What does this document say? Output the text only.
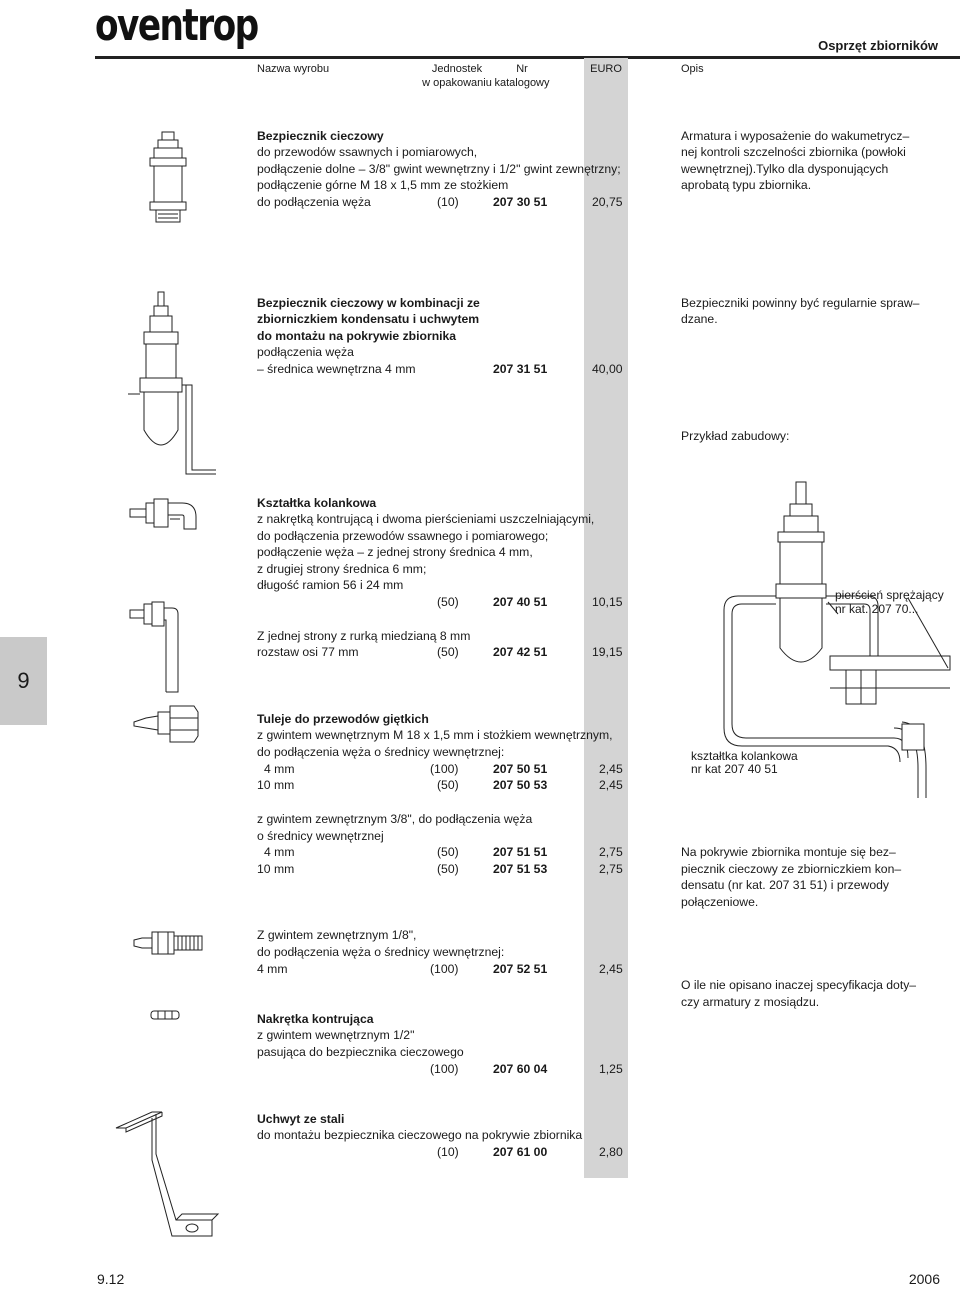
oventrop	Osprzęt zbiorników
Nazwa wyrobu	Jednostek
w opakowaniu
Nr
katalogowy
EURO	Opis
Bezpiecznik cieczowy
do przewodów ssawnych i pomiarowych,
podłączenie dolne – 3/8" gwint wewnętrzny i 1/2" gwint zewnętrzny;
podłączenie górne M 18 x 1,5 mm ze stożkiem
do podłączenia węża	(10)	207 30 51	20,75
Bezpiecznik cieczowy w kombinacji ze
zbiorniczkiem kondensatu i uchwytem
do montażu na pokrywie zbiornika
podłączenia węża
– średnica wewnętrzna 4 mm	207 31 51	40,00
Kształtka kolankowa
z nakrętką kontrującą i dwoma pierścieniami uszczelniającymi,
do podłączenia przewodów ssawnego i pomiarowego;
podłączenie węża – z jednej strony średnica 4 mm,
z drugiej strony średnica 6 mm;
długość ramion 56 i 24 mm
(50)	207 40 51	10,15
Z jednej strony z rurką miedzianą 8 mm
rozstaw osi 77 mm	(50)	207 42 51	19,15
Tuleje do przewodów giętkich
z gwintem wewnętrznym M 18 x 1,5 mm i stożkiem wewnętrznym,
do podłączenia węża o średnicy wewnętrznej:
4 mm	(100)	207 50 51	2,45
10 mm	(50)	207 50 53	2,45
z gwintem zewnętrznym 3/8", do podłączenia węża
o średnicy wewnętrznej
4 mm	(50)	207 51 51	2,75
10 mm	(50)	207 51 53	2,75
Z gwintem zewnętrznym 1/8",
do podłączenia węża o średnicy wewnętrznej:
4 mm	(100)	207 52 51	2,45
Nakrętka kontrująca
z gwintem wewnętrznym 1/2"
pasująca do bezpiecznika cieczowego
(100)	207 60 04	1,25
Uchwyt ze stali
do montażu bezpiecznika cieczowego na pokrywie zbiornika
(10)	207 61 00	2,80
Armatura i wyposażenie do wakumetrycz–
nej kontroli szczelności zbiornika (powłoki
wewnętrznej).Tylko dla dysponujących
aprobatą typu zbiornika.
Bezpieczniki powinny być regularnie spraw–
dzane.
Przykład zabudowy:
Na pokrywie zbiornika montuje się bez–
piecznik cieczowy ze zbiorniczkiem kon–
densatu (nr kat. 207 31 51) i przewody
połączeniowe.
O ile nie opisano inaczej specyfikacja doty–
czy armatury z mosiądzu.
pierścień sprężający
nr kat. 207 70...
kształtka kolankowa
nr kat 207 40 51
9
9.12	2006
